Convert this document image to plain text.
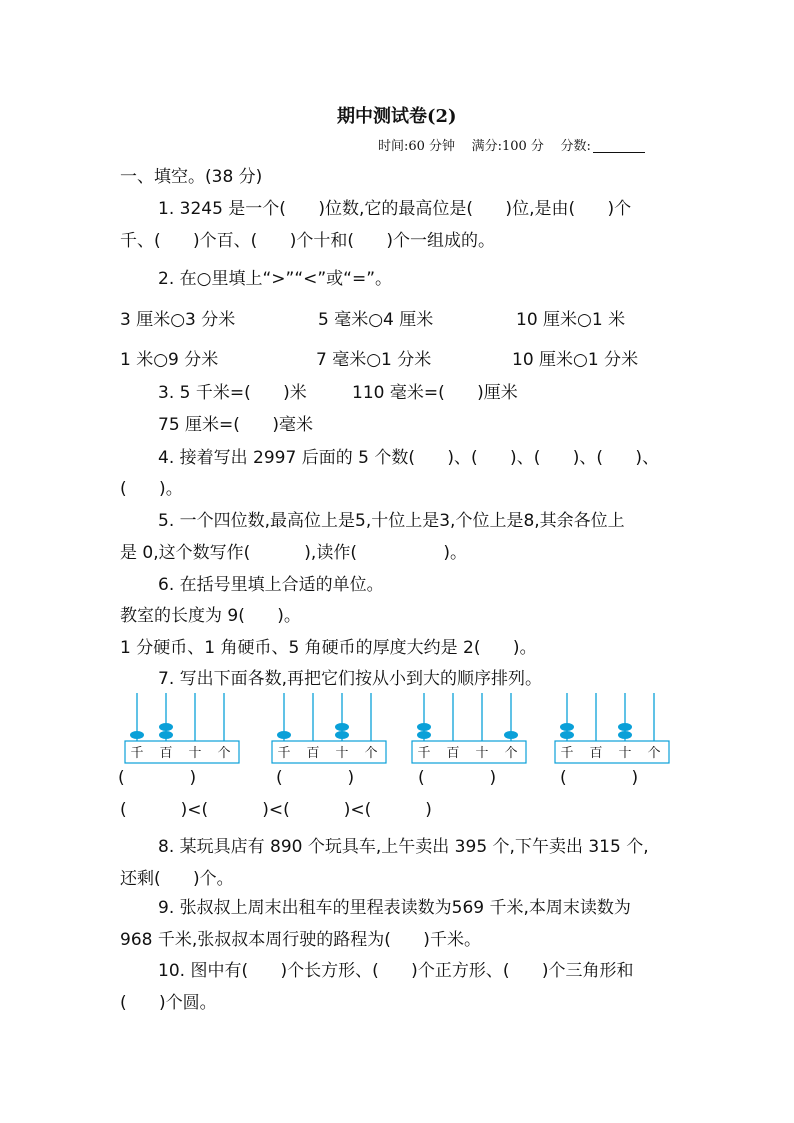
期中测试卷(2)
时间:60 分钟 满分:100 分 分数:
一、填空。(38 分)
1. 3245 是一个(      )位数,它的最高位是(      )位,是由(      )个
千、(      )个百、(      )个十和(      )个一组成的。
2. 在○里填上“>”“<”或“=”。
3 厘米○3 分米	5 毫米○4 厘米	10 厘米○1 米
1 米○9 分米	7 毫米○1 分米	10 厘米○1 分米
3. 5 千米=(      )米	110 毫米=(      )厘米
75 厘米=(      )毫米
4. 接着写出 2997 后面的 5 个数(      )、(      )、(      )、(      )、
(      )。
5. 一个四位数,最高位上是5,十位上是3,个位上是8,其余各位上
是 0,这个数写作(          ),读作(                )。
6. 在括号里填上合适的单位。
教室的长度为 9(      )。
1 分硬币、1 角硬币、5 角硬币的厚度大约是 2(      )。
7. 写出下面各数,再把它们按从小到大的顺序排列。
千 百 十 个	千 百 十 个	千 百 十 个	千 百 十 个
(            )	(            )	(            )	(            )
(          )<(          )<(          )<(          )
8. 某玩具店有 890 个玩具车,上午卖出 395 个,下午卖出 315 个,
还剩(      )个。
9. 张叔叔上周末出租车的里程表读数为569 千米,本周末读数为
968 千米,张叔叔本周行驶的路程为(      )千米。
10. 图中有(      )个长方形、(      )个正方形、(      )个三角形和
(      )个圆。
